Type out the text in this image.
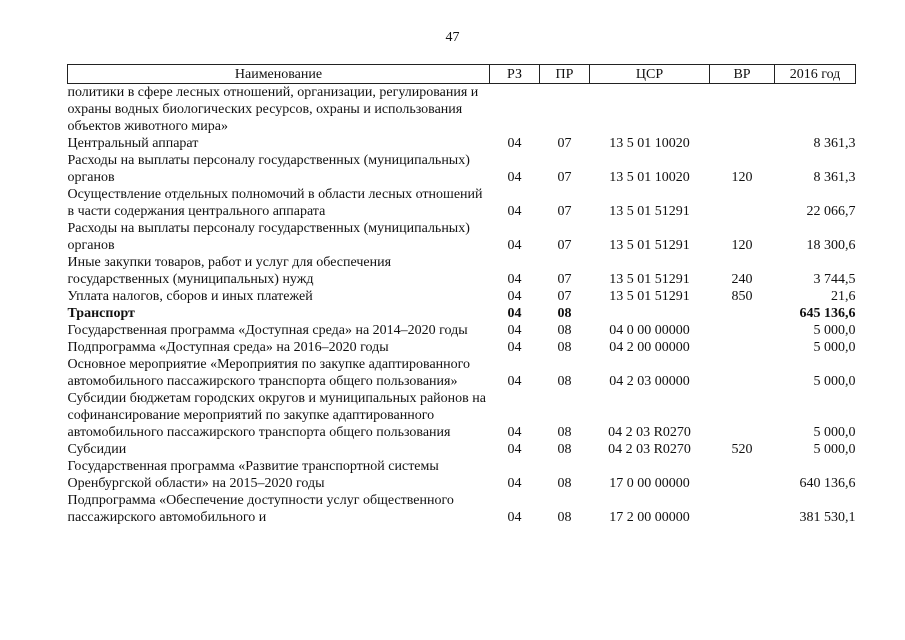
47
Наименование	РЗ	ПР	ЦСР	ВР	2016 год
политики в сфере лесных отношений, организации, регулирования и охраны водных биологических ресурсов, охраны и использования объектов животного мира»					
Центральный аппарат	04	07	13 5 01 10020		8 361,3
Расходы на выплаты персоналу государственных (муниципальных) органов	04	07	13 5 01 10020	120	8 361,3
Осуществление отдельных полномочий в области лесных отношений в части содержания центрального аппарата	04	07	13 5 01 51291		22 066,7
Расходы на выплаты персоналу государственных (муниципальных) органов	04	07	13 5 01 51291	120	18 300,6
Иные закупки товаров, работ и услуг для обеспечения государственных (муниципальных) нужд	04	07	13 5 01 51291	240	3 744,5
Уплата налогов, сборов и иных платежей	04	07	13 5 01 51291	850	21,6
Транспорт	04	08			645 136,6
Государственная программа «Доступная среда» на 2014–2020 годы	04	08	04 0 00 00000		5 000,0
Подпрограмма «Доступная среда» на 2016–2020 годы	04	08	04 2 00 00000		5 000,0
Основное мероприятие «Мероприятия по закупке адаптированного автомобильного пассажирского транспорта общего пользования»	04	08	04 2 03 00000		5 000,0
Субсидии бюджетам городских округов и муниципальных районов на софинансирование мероприятий по закупке адаптированного автомобильного пассажирского транспорта общего пользования	04	08	04 2 03 R0270		5 000,0
Субсидии	04	08	04 2 03 R0270	520	5 000,0
Государственная программа «Развитие транспортной системы Оренбургской области» на 2015–2020 годы	04	08	17 0 00 00000		640 136,6
Подпрограмма «Обеспечение доступности услуг общественного пассажирского автомобильного и	04	08	17 2 00 00000		381 530,1
